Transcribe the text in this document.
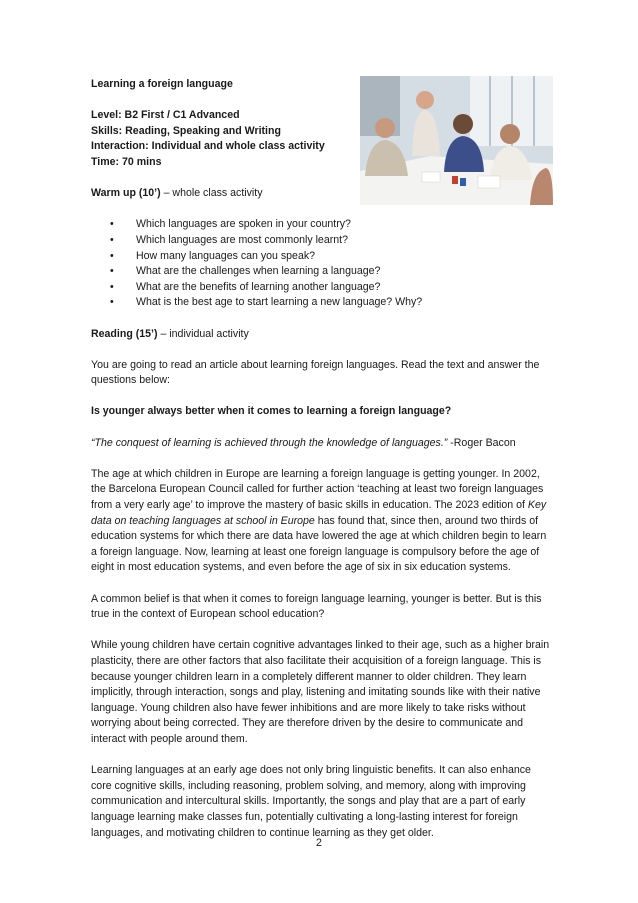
Learning a foreign language

Level: B2 First / C1 Advanced

Skills: Reading, Speaking and Writing

Interaction: Individual and whole class activity

Time: 70 mins

Warm up (10’) – whole class activity

• Which languages are spoken in your country?
• Which languages are most commonly learnt?
• How many languages can you speak?
• What are the challenges when learning a language?
• What are the benefits of learning another language?
• What is the best age to start learning a new language? Why?

Reading (15’) – individual activity

You are going to read an article about learning foreign languages. Read the text and answer the questions below:

Is younger always better when it comes to learning a foreign language?

“The conquest of learning is achieved through the knowledge of languages.” -Roger Bacon

The age at which children in Europe are learning a foreign language is getting younger. In 2002, the Barcelona European Council called for further action ‘teaching at least two foreign languages from a very early age’ to improve the mastery of basic skills in education. The 2023 edition of Key data on teaching languages at school in Europe has found that, since then, around two thirds of education systems for which there are data have lowered the age at which children begin to learn a foreign language. Now, learning at least one foreign language is compulsory before the age of eight in most education systems, and even before the age of six in six education systems.

A common belief is that when it comes to foreign language learning, younger is better. But is this true in the context of European school education?

While young children have certain cognitive advantages linked to their age, such as a higher brain plasticity, there are other factors that also facilitate their acquisition of a foreign language. This is because younger children learn in a completely different manner to older children. They learn implicitly, through interaction, songs and play, listening and imitating sounds like with their native language. Young children also have fewer inhibitions and are more likely to take risks without worrying about being corrected. They are therefore driven by the desire to communicate and interact with people around them.

Learning languages at an early age does not only bring linguistic benefits. It can also enhance core cognitive skills, including reasoning, problem solving, and memory, along with improving communication and intercultural skills. Importantly, the songs and play that are a part of early language learning make classes fun, potentially cultivating a long-lasting interest for foreign languages, and motivating children to continue learning as they get older.

2
